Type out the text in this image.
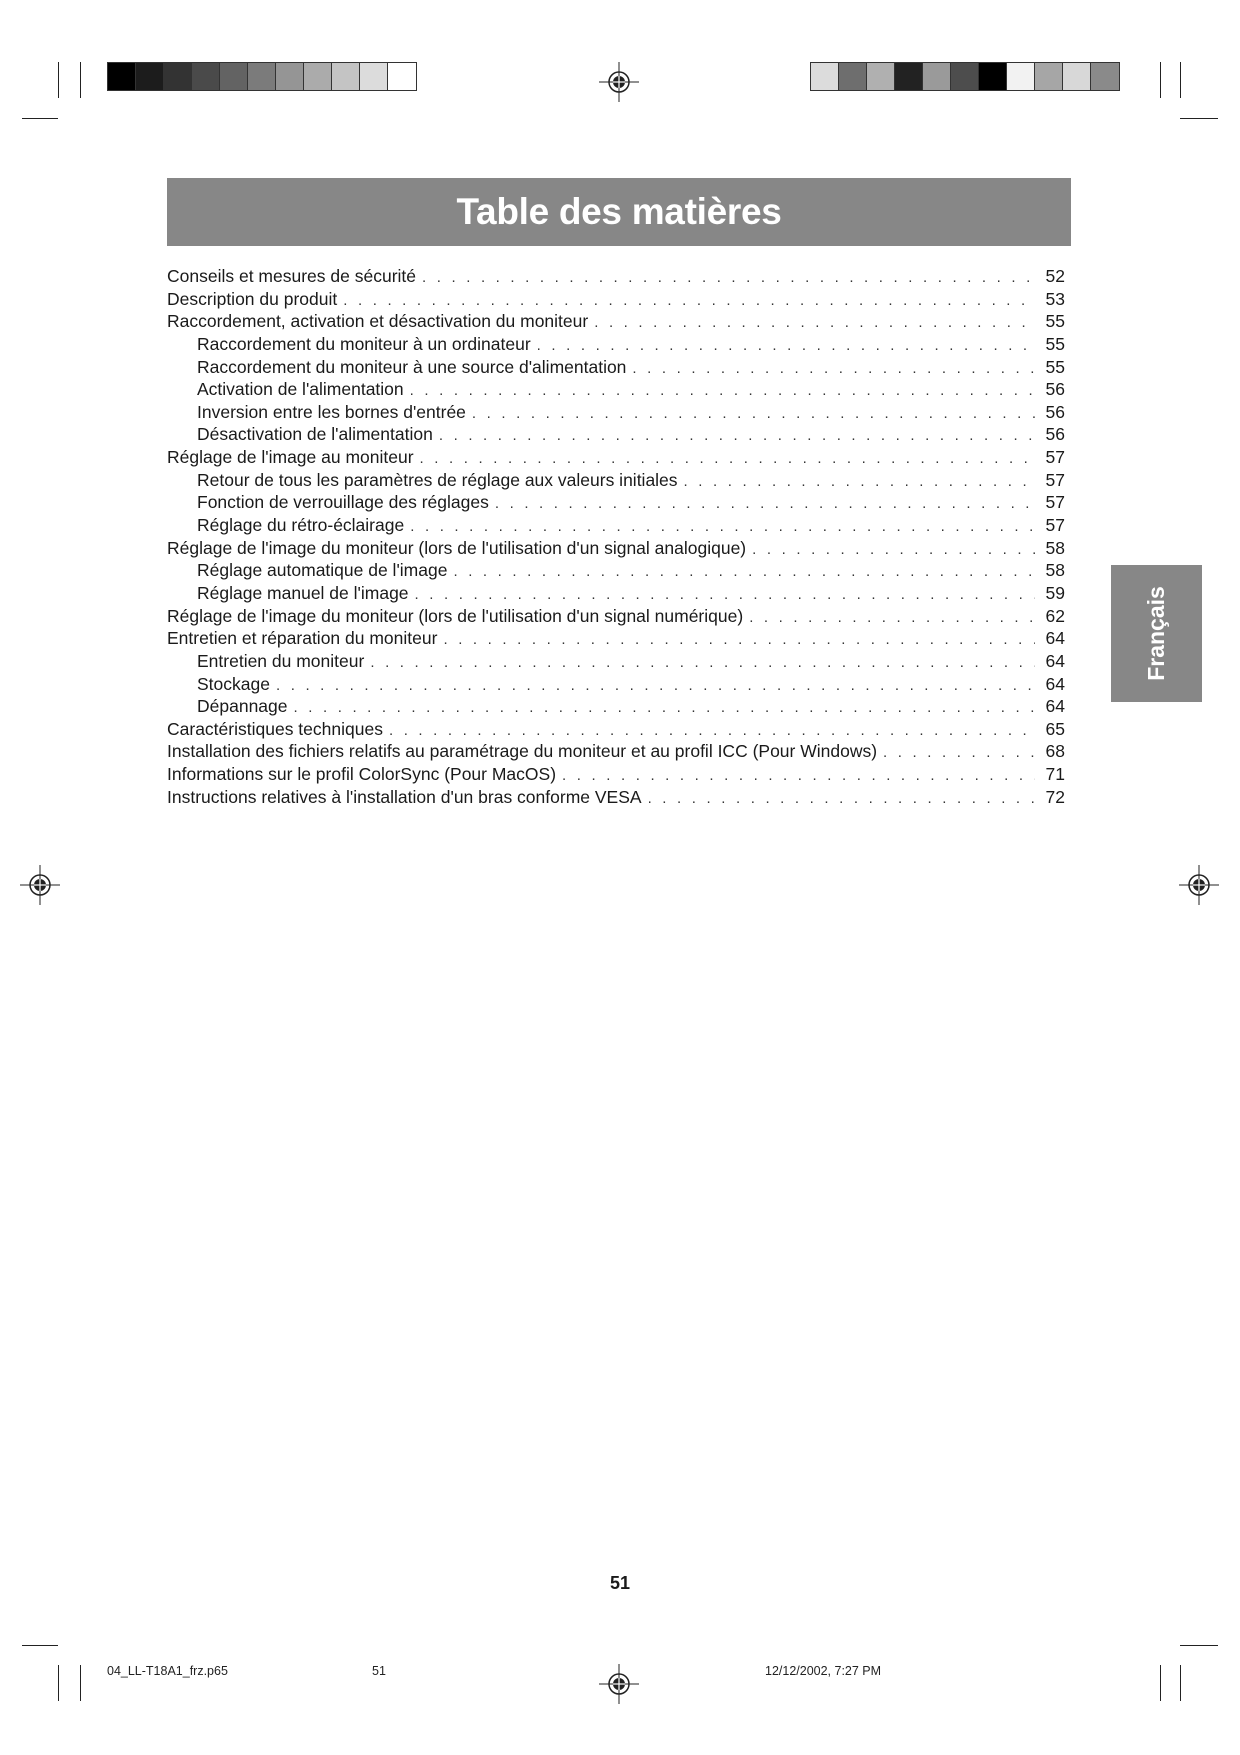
Table des matières
Conseils et mesures de sécurité . . .	52
Description du produit . . .	53
Raccordement, activation et désactivation du moniteur . . .	55
Raccordement du moniteur à un ordinateur . . .	55
Raccordement du moniteur à une source d'alimentation . . .	55
Activation de l'alimentation . . .	56
Inversion entre les bornes d'entrée . . .	56
Désactivation de l'alimentation . . .	56
Réglage de l'image au moniteur . . .	57
Retour de tous les paramètres de réglage aux valeurs initiales . . .	57
Fonction de verrouillage des réglages . . .	57
Réglage du rétro-éclairage . . .	57
Réglage de l'image du moniteur (lors de l'utilisation d'un signal analogique) . . .	58
Réglage automatique de l'image . . .	58
Réglage manuel de l'image . . .	59
Réglage de l'image du moniteur (lors de l'utilisation d'un signal numérique) . . .	62
Entretien et réparation du moniteur . . .	64
Entretien du moniteur . . .	64
Stockage . . .	64
Dépannage . . .	64
Caractéristiques techniques . . .	65
Installation des fichiers relatifs au paramétrage du moniteur et au profil ICC (Pour Windows) . . .	68
Informations sur le profil ColorSync (Pour MacOS) . . .	71
Instructions relatives à l'installation d'un bras conforme VESA . . .	72
Français
51
04_LL-T18A1_frz.p65	51	12/12/2002, 7:27 PM
